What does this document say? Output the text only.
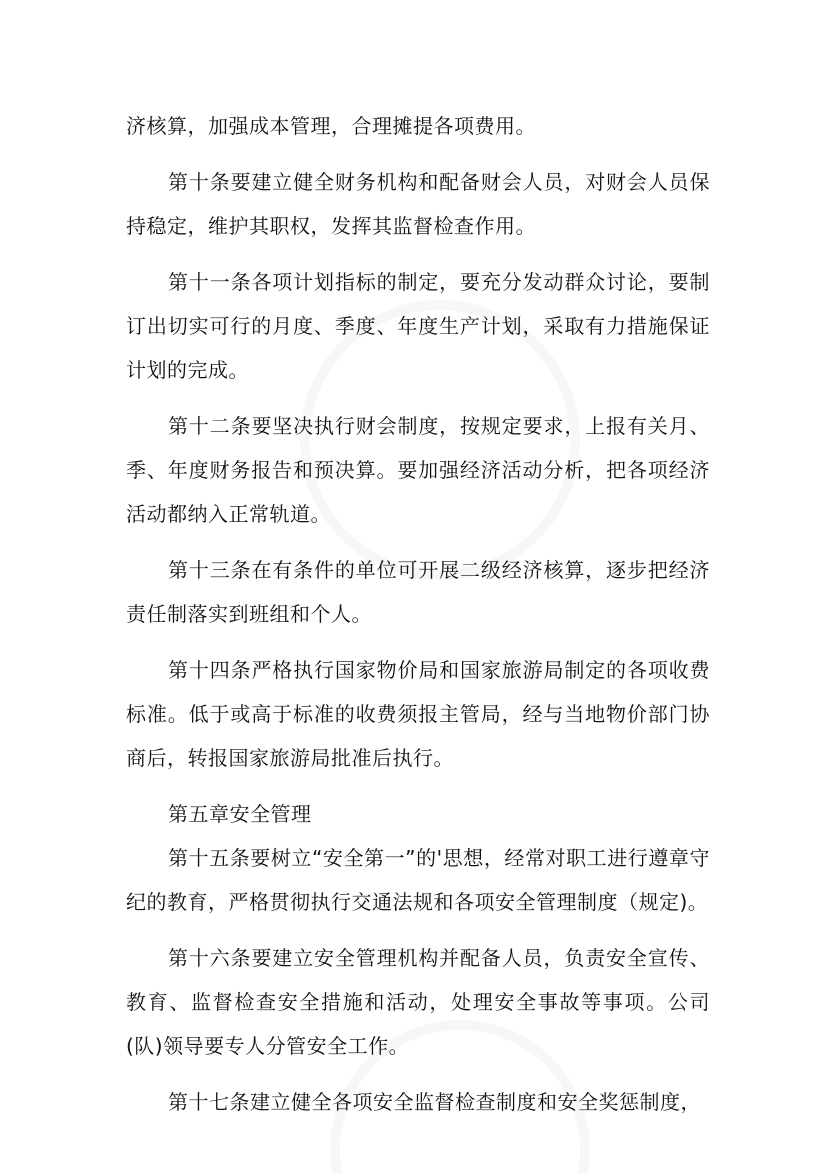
济核算，加强成本管理，合理摊提各项费用。

第十条要建立健全财务机构和配备财会人员，对财会人员保持稳定，维护其职权，发挥其监督检查作用。

第十一条各项计划指标的制定，要充分发动群众讨论，要制订出切实可行的月度、季度、年度生产计划，采取有力措施保证计划的完成。

第十二条要坚决执行财会制度，按规定要求，上报有关月、季、年度财务报告和预决算。要加强经济活动分析，把各项经济活动都纳入正常轨道。

第十三条在有条件的单位可开展二级经济核算，逐步把经济责任制落实到班组和个人。

第十四条严格执行国家物价局和国家旅游局制定的各项收费标准。低于或高于标准的收费须报主管局，经与当地物价部门协商后，转报国家旅游局批准后执行。

第五章安全管理

第十五条要树立“安全第一”的'思想，经常对职工进行遵章守纪的教育，严格贯彻执行交通法规和各项安全管理制度（规定)。

第十六条要建立安全管理机构并配备人员，负责安全宣传、教育、监督检查安全措施和活动，处理安全事故等事项。公司(队)领导要专人分管安全工作。

第十七条建立健全各项安全监督检查制度和安全奖惩制度，
